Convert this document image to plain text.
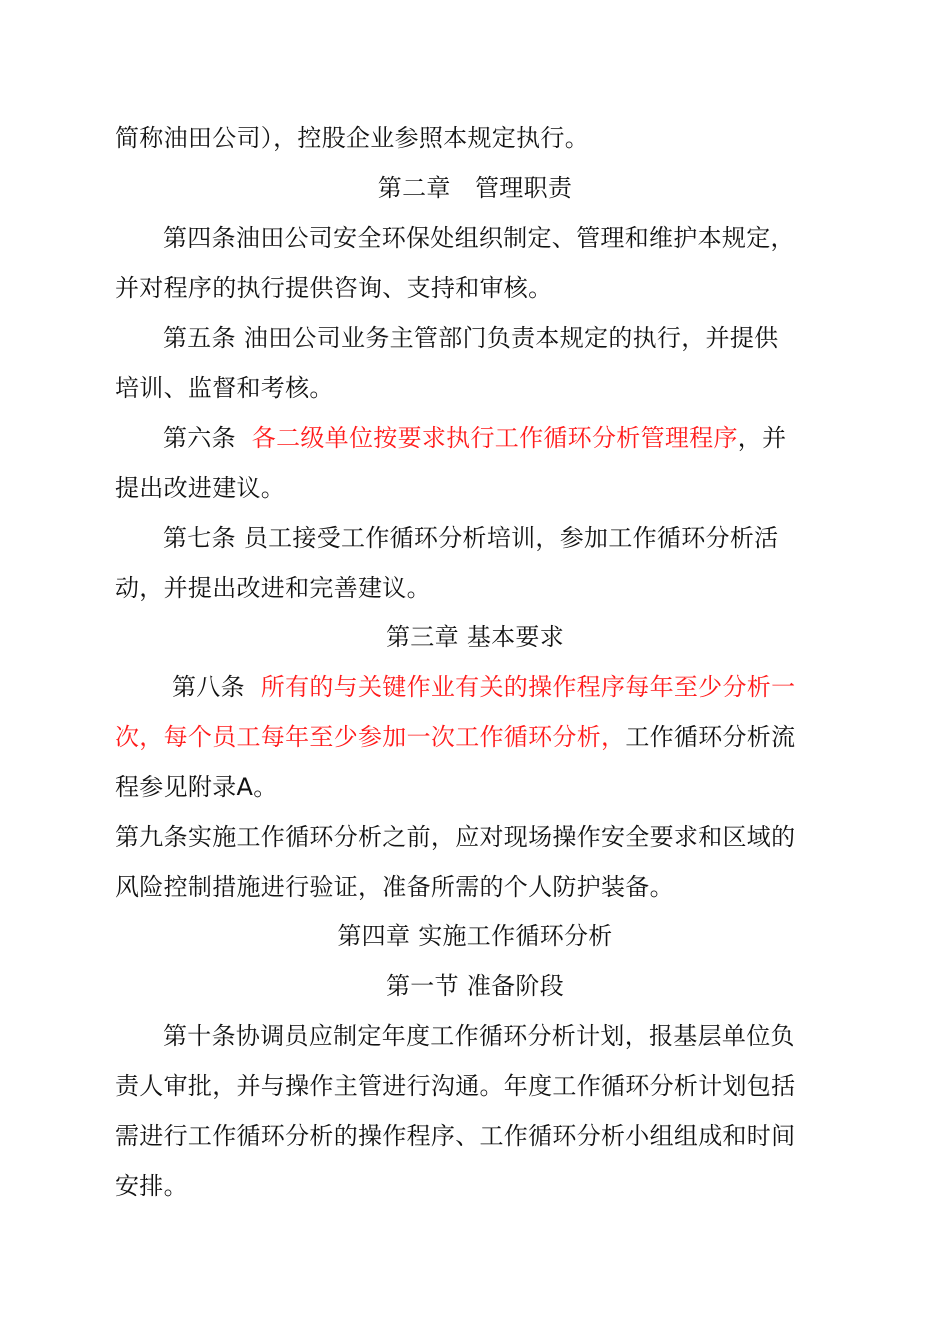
简称油田公司），控股企业参照本规定执行。
第二章　管理职责
第四条油田公司安全环保处组织制定、管理和维护本规定，
并对程序的执行提供咨询、支持和审核。
第五条 油田公司业务主管部门负责本规定的执行，并提供
培训、监督和考核。
第六条  各二级单位按要求执行工作循环分析管理程序，并
提出改进建议。
第七条 员工接受工作循环分析培训，参加工作循环分析活
动，并提出改进和完善建议。
第三章 基本要求
第八条  所有的与关键作业有关的操作程序每年至少分析一
次，每个员工每年至少参加一次工作循环分析，工作循环分析流
程参见附录A。
第九条实施工作循环分析之前，应对现场操作安全要求和区域的
风险控制措施进行验证，准备所需的个人防护装备。
第四章 实施工作循环分析
第一节 准备阶段
第十条协调员应制定年度工作循环分析计划，报基层单位负
责人审批，并与操作主管进行沟通。年度工作循环分析计划包括
需进行工作循环分析的操作程序、工作循环分析小组组成和时间
安排。
